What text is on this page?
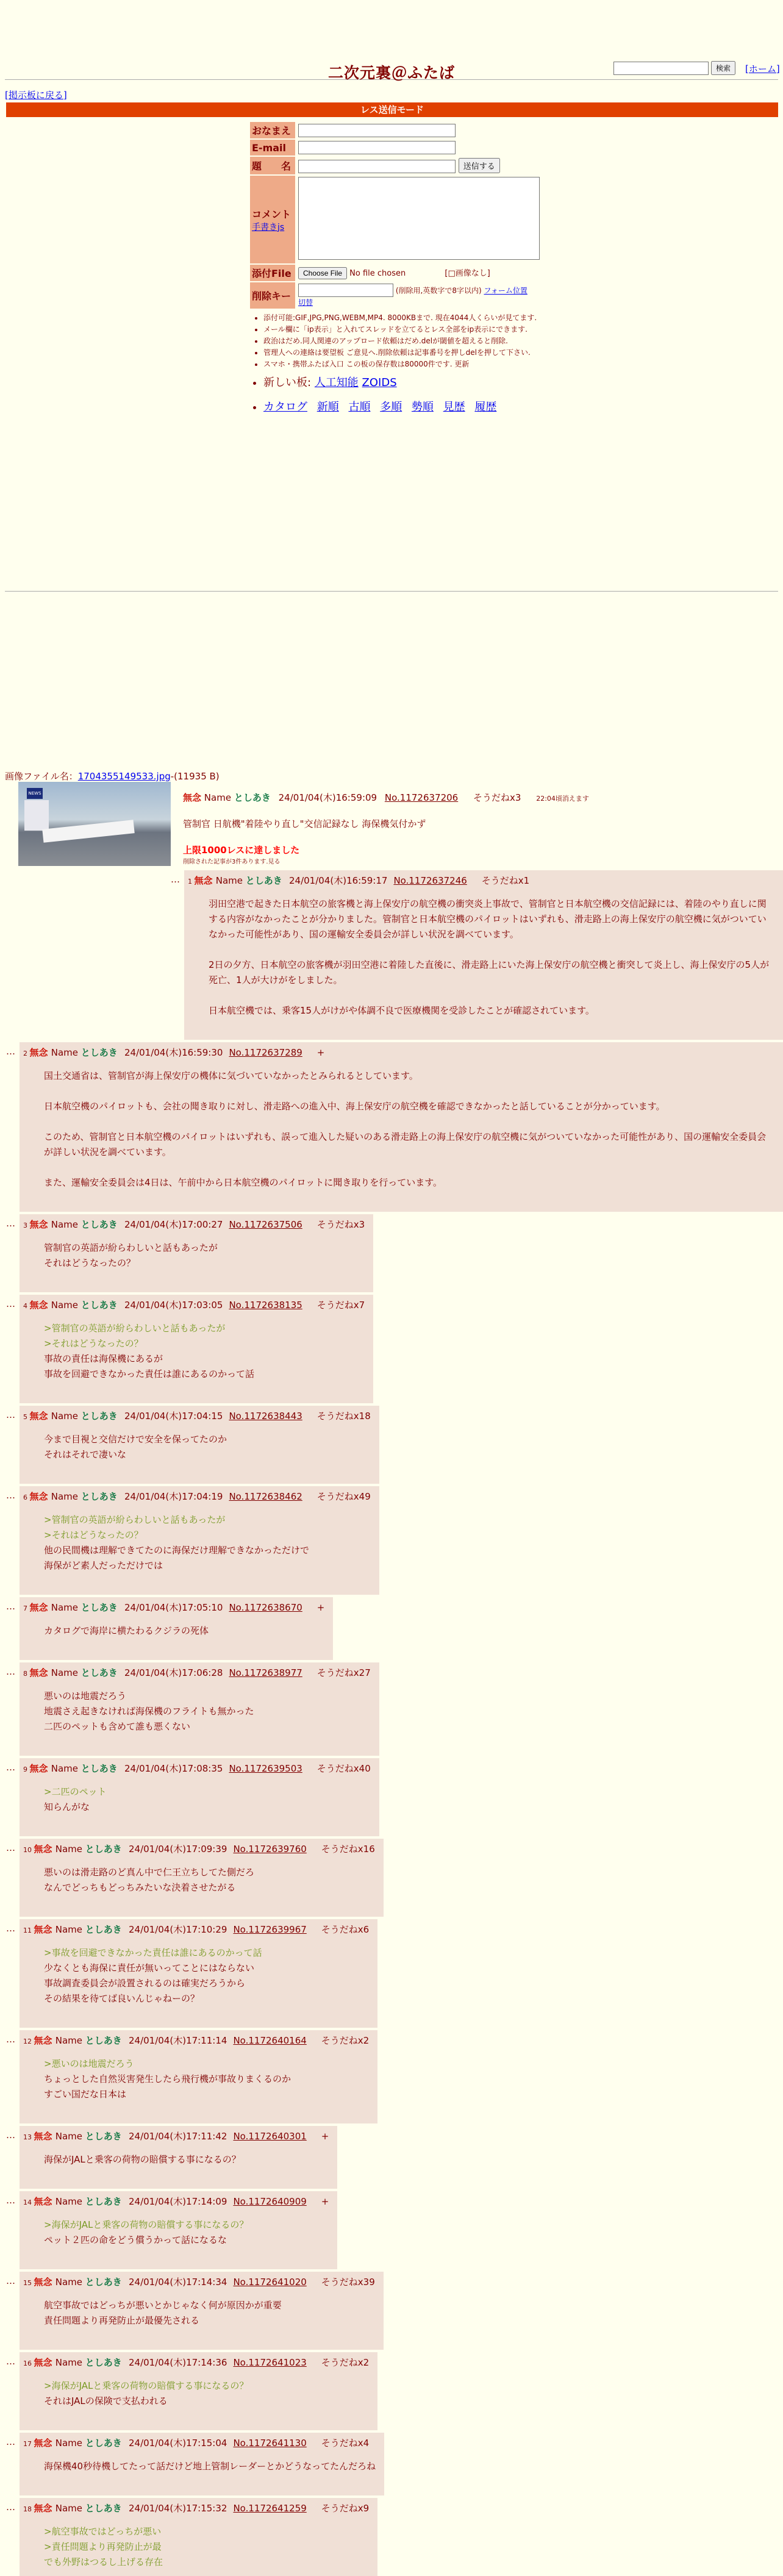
二次元裏＠ふたば	検索	[ホーム]
[掲示板に戻る]
レス送信モード
おなまえ	
E-mail	
題　　名	送信する
コメント
手書きjs	
添付File	Choose File No file chosen [□画像なし]
削除キー	(削除用,英数字で8字以内) フォーム位置
切替
• 添付可能:GIF,JPG,PNG,WEBM,MP4. 8000KBまで. 現在4044人くらいが見てます.
• メール欄に「ip表示」と入れてスレッドを立てるとレス全部をip表示にできます.
• 政治はだめ.同人関連のアップロード依頼はだめ.delが閾値を超えると削除.
• 管理人への連絡は要望板 ご意見へ.削除依頼は記事番号を押しdelを押して下さい.
• スマホ・携帯ふたば入口 この板の保存数は80000件です. 更新
• 新しい板: 人工知能 ZOIDS
• カタログ 新順 古順 多順 勢順 見歴 履歴
画像ファイル名：1704355149533.jpg-(11935 B)
NEWS	無念 Name としあき 24/01/04(木)16:59:09 No.1172637206 そうだねx3 22:04頃消えます
管制官 日航機"着陸やり直し"交信記録なし 海保機気付かず
上限1000レスに達しました
削除された記事が3件あります.見る
… 1 無念 Name としあき 24/01/04(木)16:59:17 No.1172637246 そうだねx1

羽田空港で起きた日本航空の旅客機と海上保安庁の航空機の衝突炎上事故で、管制官と日本航空機の交信記録には、着陸のやり直しに関する内容がなかったことが分かりました。管制官と日本航空機のパイロットはいずれも、滑走路上の海上保安庁の航空機に気がついていなかった可能性があり、国の運輸安全委員会が詳しい状況を調べています。

2日の夕方、日本航空の旅客機が羽田空港に着陸した直後に、滑走路上にいた海上保安庁の航空機と衝突して炎上し、海上保安庁の5人が死亡、1人が大けがをしました。

日本航空機では、乗客15人がけがや体調不良で医療機関を受診したことが確認されています。

… 2 無念 Name としあき 24/01/04(木)16:59:30 No.1172637289 +

国土交通省は、管制官が海上保安庁の機体に気づいていなかったとみられるとしています。

日本航空機のパイロットも、会社の聞き取りに対し、滑走路への進入中、海上保安庁の航空機を確認できなかったと話していることが分かっています。

このため、管制官と日本航空機のパイロットはいずれも、誤って進入した疑いのある滑走路上の海上保安庁の航空機に気がついていなかった可能性があり、国の運輸安全委員会が詳しい状況を調べています。

また、運輸安全委員会は4日は、午前中から日本航空機のパイロットに聞き取りを行っています。

… 3 無念 Name としあき 24/01/04(木)17:00:27 No.1172637506 そうだねx3

管制官の英語が紛らわしいと話もあったが
それはどうなったの？

… 4 無念 Name としあき 24/01/04(木)17:03:05 No.1172638135 そうだねx7

>管制官の英語が紛らわしいと話もあったが
>それはどうなったの？

事故の責任は海保機にあるが
事故を回避できなかった責任は誰にあるのかって話

… 5 無念 Name としあき 24/01/04(木)17:04:15 No.1172638443 そうだねx18

今まで目視と交信だけで安全を保ってたのか
それはそれで凄いな

… 6 無念 Name としあき 24/01/04(木)17:04:19 No.1172638462 そうだねx49

>管制官の英語が紛らわしいと話もあったが
>それはどうなったの？

他の民間機は理解できてたのに海保だけ理解できなかっただけで
海保がど素人だっただけでは

… 7 無念 Name としあき 24/01/04(木)17:05:10 No.1172638670 +

カタログで海岸に横たわるクジラの死体

… 8 無念 Name としあき 24/01/04(木)17:06:28 No.1172638977 そうだねx27

悪いのは地震だろう
地震さえ起きなければ海保機のフライトも無かった
二匹のペットも含めて誰も悪くない

… 9 無念 Name としあき 24/01/04(木)17:08:35 No.1172639503 そうだねx40

>二匹のペット

知らんがな

… 10 無念 Name としあき 24/01/04(木)17:09:39 No.1172639760 そうだねx16

悪いのは滑走路のど真ん中で仁王立ちしてた側だろ
なんでどっちもどっちみたいな決着させたがる

… 11 無念 Name としあき 24/01/04(木)17:10:29 No.1172639967 そうだねx6

>事故を回避できなかった責任は誰にあるのかって話

少なくとも海保に責任が無いってことにはならない
事故調査委員会が設置されるのは確実だろうから
その結果を待てば良いんじゃねーの？

… 12 無念 Name としあき 24/01/04(木)17:11:14 No.1172640164 そうだねx2

>悪いのは地震だろう

ちょっとした自然災害発生したら飛行機が事故りまくるのか
すごい国だな日本は

… 13 無念 Name としあき 24/01/04(木)17:11:42 No.1172640301 +

海保がJALと乗客の荷物の賠償する事になるの？

… 14 無念 Name としあき 24/01/04(木)17:14:09 No.1172640909 +

>海保がJALと乗客の荷物の賠償する事になるの？

ペット２匹の命をどう償うかって話になるな

… 15 無念 Name としあき 24/01/04(木)17:14:34 No.1172641020 そうだねx39

航空事故ではどっちが悪いとかじゃなく何が原因かが重要
責任問題より再発防止が最優先される

… 16 無念 Name としあき 24/01/04(木)17:14:36 No.1172641023 そうだねx2

>海保がJALと乗客の荷物の賠償する事になるの？

それはJALの保険で支払われる

… 17 無念 Name としあき 24/01/04(木)17:15:04 No.1172641130 そうだねx4

海保機40秒待機してたって話だけど地上管制レーダーとかどうなってたんだろね

… 18 無念 Name としあき 24/01/04(木)17:15:32 No.1172641259 そうだねx9

>航空事故ではどっちが悪い
>責任問題より再発防止が最
でも外野はつるし上げる存在
